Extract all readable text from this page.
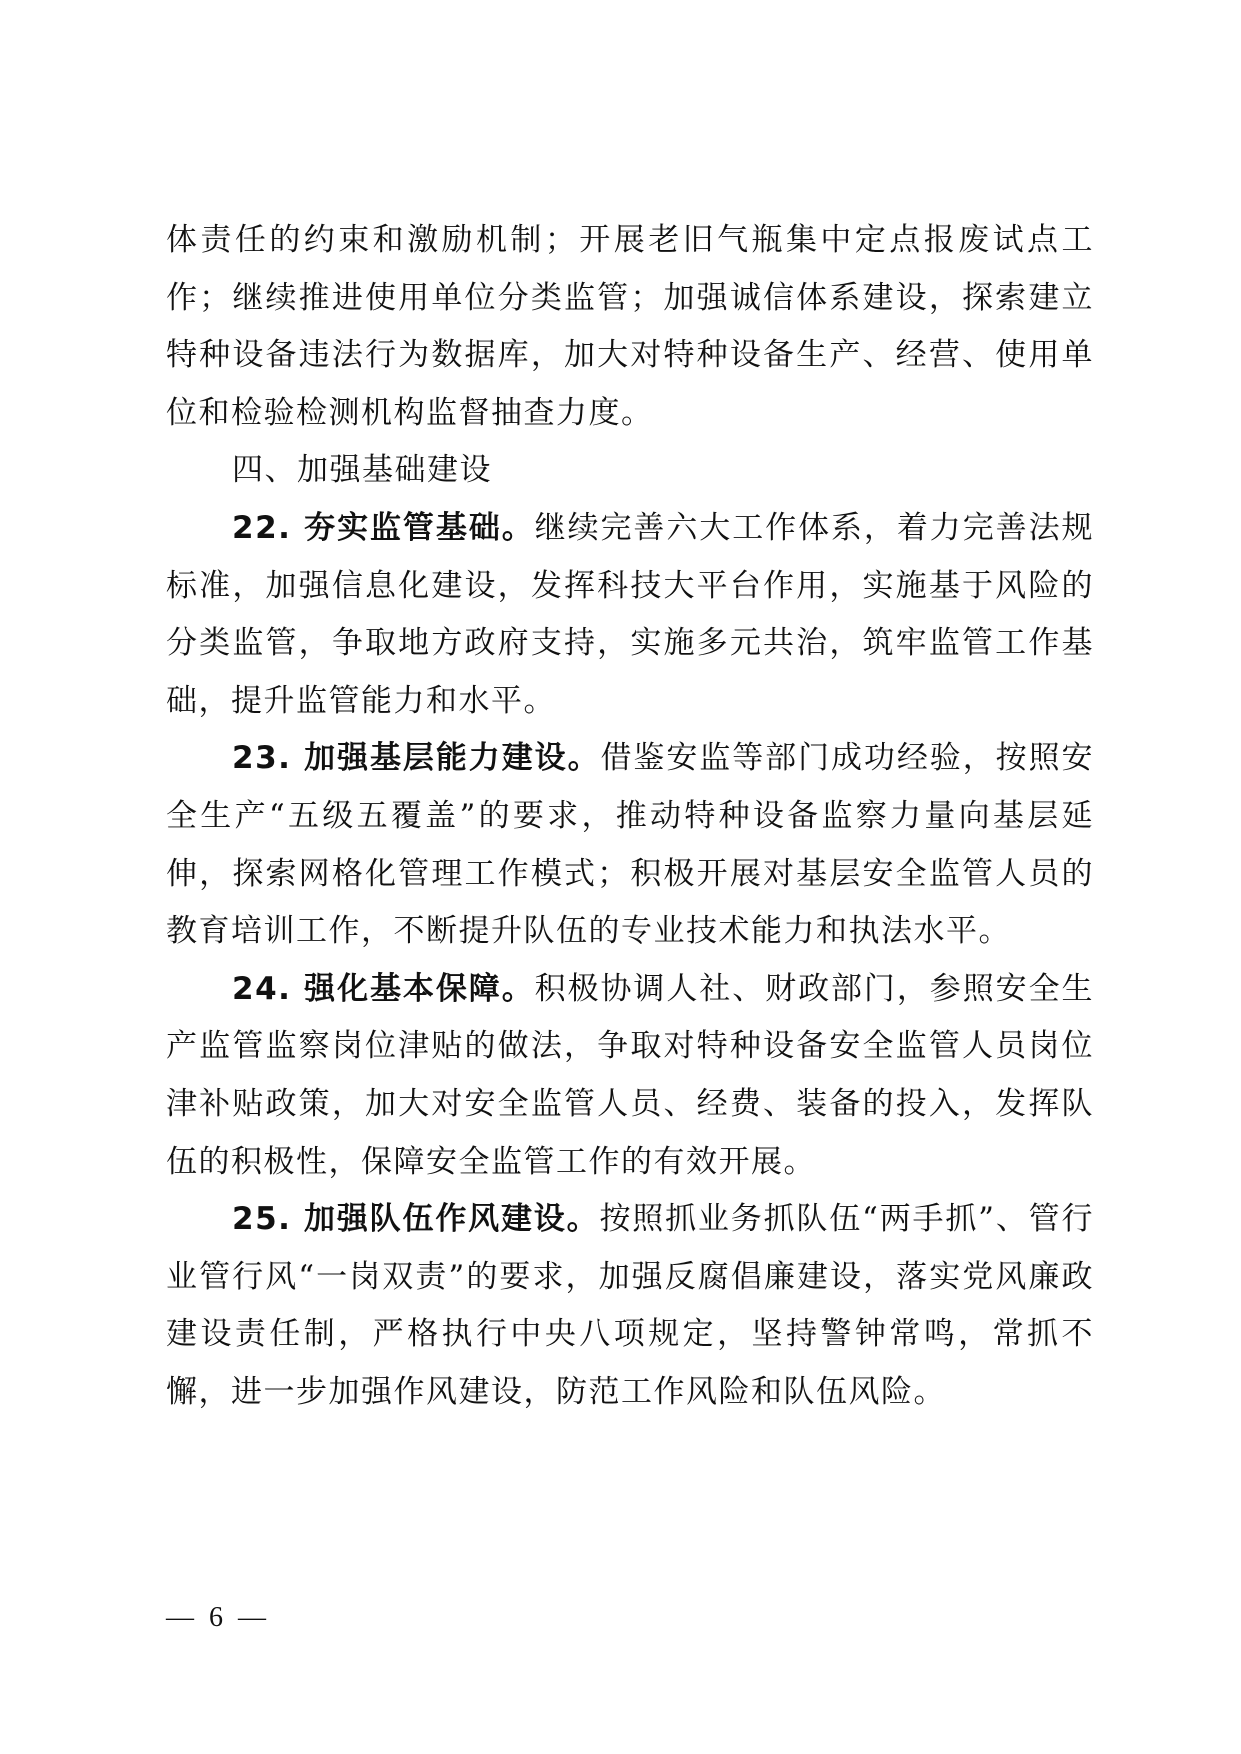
体责任的约束和激励机制；开展老旧气瓶集中定点报废试点工作；继续推进使用单位分类监管；加强诚信体系建设，探索建立特种设备违法行为数据库，加大对特种设备生产、经营、使用单位和检验检测机构监督抽查力度。

四、加强基础建设

22. 夯实监管基础。继续完善六大工作体系，着力完善法规标准，加强信息化建设，发挥科技大平台作用，实施基于风险的分类监管，争取地方政府支持，实施多元共治，筑牢监管工作基础，提升监管能力和水平。

23. 加强基层能力建设。借鉴安监等部门成功经验，按照安全生产“五级五覆盖”的要求，推动特种设备监察力量向基层延伸，探索网格化管理工作模式；积极开展对基层安全监管人员的教育培训工作，不断提升队伍的专业技术能力和执法水平。

24. 强化基本保障。积极协调人社、财政部门，参照安全生产监管监察岗位津贴的做法，争取对特种设备安全监管人员岗位津补贴政策，加大对安全监管人员、经费、装备的投入，发挥队伍的积极性，保障安全监管工作的有效开展。

25. 加强队伍作风建设。按照抓业务抓队伍“两手抓”、管行业管行风“一岗双责”的要求，加强反腐倡廉建设，落实党风廉政建设责任制，严格执行中央八项规定，坚持警钟常鸣，常抓不懈，进一步加强作风建设，防范工作风险和队伍风险。

— 6 —
